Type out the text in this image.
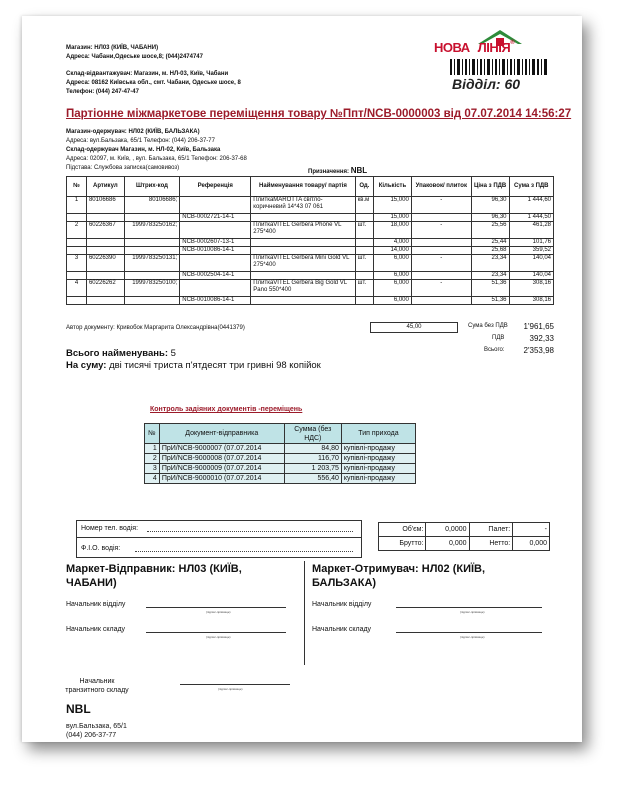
Магазин: НЛ03 (КИЇВ, ЧАБАНИ)
Адреса: Чабани,Одеське шосе,8; (044)2474747
Склад-відвантажувач: Магазин, м. НЛ-03, Київ, Чабани
Адреса: 08162 Київська обл., смт. Чабани, Одеське шосе, 8
Телефон: (044) 247-47-47
НОВА ЛІНІЯ®
Відділ: 60
Партіонне міжмаркетове переміщення товару №Ппт/NCB-0000003 від 07.07.2014 14:56:27
Магазин-одержувач: НЛ02 (КИЇВ, БАЛЬЗАКА)
Адреса: вул.Бальзака, 65/1 Телефон: (044) 206-37-77
Склад-одержувач Магазин, м. НЛ-02, Київ, Бальзака
Адреса: 02097, м. Київ, , вул. Бальзака, 65/1 Телефон: 206-37-68
Підстава: Службова записка(самовивоз)
Призначення: NBL
№	Артикул	Штрих-код	Референція	Найменування товару/ партія	Од.	Кількість	Упаковок/ плиток	Ціна з ПДВ	Сума з ПДВ
1	80106686	80106686;		ПлиткаMAROTTA світло-коричневий 14*43 07 061	кв.м	15,000	-	96,30	1 444,60
			NCB-0002721-14-1			15,000		96,30	1 444,50
2	60226367	1999783250162;		ПлиткаVITEL Gerbera Phone VL 275*400	шт.	18,000	-	25,56	461,28
			NCB-0002607-13-1			4,000		25,44	101,76
			NCB-0010086-14-1			14,000		25,68	359,52
3	60226390	1999783250131;		ПлиткаVITEL Gerbera Mini Gold VL 275*400	шт.	6,000	-	23,34	140,04
			NCB-0002504-14-1			6,000		23,34	140,04
4	60226262	1999783250100;		ПлиткаVITEL Gerbera Big Gold VL Pano 550*400	шт.	6,000	-	51,36	308,16
			NCB-0010086-14-1			6,000		51,36	308,16
Автор документу: Кривобок Маргарита Олександрівна(0441379)	45,00	Сума без ПДВ	1'961,65
ПДВ	392,33
Всього:	2'353,98
Всього найменувань: 5
На суму: дві тисячі триста п'ятдесят три гривні 98 копійок
Контроль задіяних документів -переміщень
№	Документ-відправника	Сумма (без НДС)	Тип прихода
1	ПрИ/NCB-9000007 (07.07.2014	84,80	купівлі-продажу
2	ПрИ/NCB-9000008 (07.07.2014	116,70	купівлі-продажу
3	ПрИ/NCB-9000009 (07.07.2014	1 203,75	купівлі-продажу
4	ПрИ/NCB-9000010 (07.07.2014	556,40	купівлі-продажу
Номер тел. водія:
Ф.І.О. водія:
Об'єм:	0,0000	Палет:	-
Брутто:	0,000	Нетто:	0,000
Маркет-Відправник: НЛ03 (КИЇВ, ЧАБАНИ)
Начальник відділу
(підпис-прізвище)
Начальник складу
(підпис-прізвище)
Маркет-Отримувач: НЛ02 (КИЇВ, БАЛЬЗАКА)
Начальник відділу
(підпис-прізвище)
Начальник складу
(підпис-прізвище)
Начальник транзитного складу	(підпис-прізвище)
NBL
вул.Бальзака, 65/1
(044) 206-37-77
